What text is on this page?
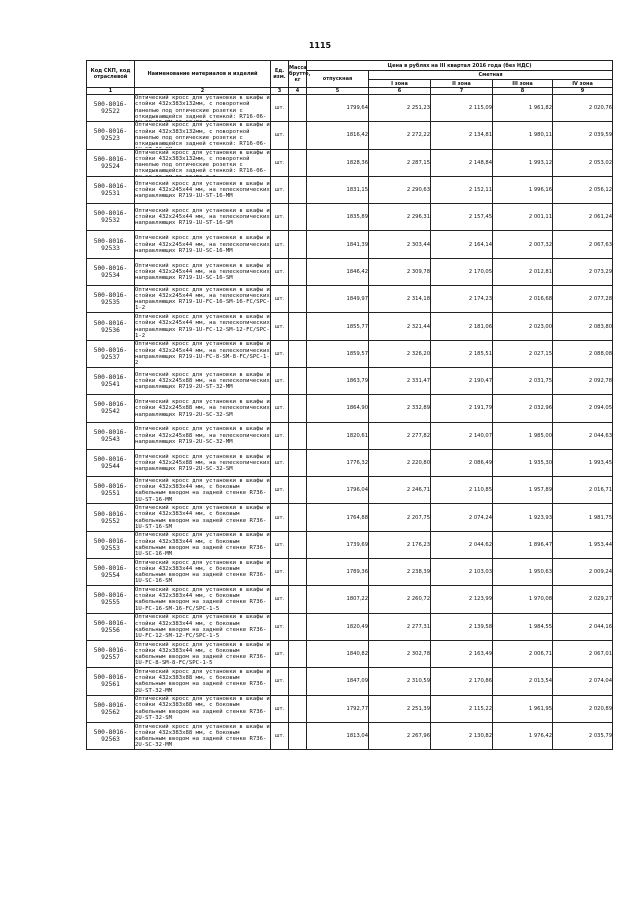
1115
Код СКП, код отраслевой	Наименование материалов и изделий	Ед. изм.	Масса брутто, кг	Цена в рублях на III квартал 2016 года (без НДС)				
				отпускная	Сметная			
					I зона	II зона	III зона	IV зона
1	2	3	4	5	6	7	8	9
500-8016-92522	Оптический кросс для установки в шкафы и стойки 432x383x132мм, с поворотной панелью под оптические розетки с откидывающейся задней стенкой: R716-06-	шт.		1799,64	2 251,23	2 115,09	1 961,82	2 020,76
500-8016-92523	Оптический кросс для установки в шкафы и стойки 432x383x132мм, с поворотной панелью под оптические розетки с откидывающейся задней стенкой: R716-06-	шт.		1816,42	2 272,22	2 134,81	1 980,11	2 039,59
500-8016-92524	Оптический кросс для установки в шкафы и стойки 432x383x132мм, с поворотной панелью под оптические розетки с откидывающейся задней стенкой: R716-06-	шт.		1828,36	2 287,15	2 148,84	1 993,12	2 053,02
500-8016-92531	Оптический кросс для установки в шкафы и стойки 432x245x44 мм, на телескопических направляющих R719-1U-ST-16-MM	шт.		1831,15	2 290,63	2 152,11	1 996,16	2 056,12
500-8016-92532	Оптический кросс для установки в шкафы и стойки 432x245x44 мм, на телескопических направляющих R719-1U-ST-16-SM	шт.		1835,89	2 296,31	2 157,45	2 001,11	2 061,24
500-8016-92533	Оптический кросс для установки в шкафы и стойки 432x245x44 мм, на телескопических направляющих R719-1U-SC-16-MM	шт.		1841,39	2 303,44	2 164,14	2 007,32	2 067,63
500-8016-92534	Оптический кросс для установки в шкафы и стойки 432x245x44 мм, на телескопических направляющих R719-1U-SC-16-SM	шт.		1846,42	2 309,78	2 170,05	2 012,81	2 073,29
500-8016-92535	Оптический кросс для установки в шкафы и стойки 432x245x44 мм, на телескопических направляющих R719-1U-FC-16-SM-16-FC/SPC-1-2	шт.		1849,97	2 314,18	2 174,23	2 016,68	2 077,28
500-8016-92536	Оптический кросс для установки в шкафы и стойки 432x245x44 мм, на телескопических направляющих R719-1U-FC-12-SM-12-FC/SPC-1-2	шт.		1855,77	2 321,44	2 181,06	2 023,00	2 083,80
500-8016-92537	Оптический кросс для установки в шкафы и стойки 432x245x44 мм, на телескопических направляющих R719-1U-FC-8-SM-8-FC/SPC-1-2	шт.		1859,57	2 326,20	2 185,51	2 027,15	2 088,08
500-8016-92541	Оптический кросс для установки в шкафы и стойки 432x245x88 мм, на телескопических направляющих R719-2U-ST-32-MM	шт.		1863,79	2 331,47	2 190,47	2 031,75	2 092,78
500-8016-92542	Оптический кросс для установки в шкафы и стойки 432x245x88 мм, на телескопических направляющих R719-2U-SC-32-SM	шт.		1864,90	2 332,89	2 191,79	2 032,96	2 094,05
500-8016-92543	Оптический кросс для установки в шкафы и стойки 432x245x88 мм, на телескопических направляющих R719-2U-SC-32-MM	шт.		1820,61	2 277,82	2 140,07	1 985,00	2 044,63
500-8016-92544	Оптический кросс для установки в шкафы и стойки 432x245x88 мм, на телескопических направляющих R719-2U-SC-32-SM	шт.		1776,32	2 220,80	2 086,49	1 935,30	1 993,45
500-8016-92551	Оптический кросс для установки в шкафы и стойки 432x383x44 мм, с боковым кабельным вводом на задней стенке R736-1U-ST-16-MM	шт.		1796,04	2 246,71	2 110,85	1 957,89	2 016,71
500-8016-92552	Оптический кросс для установки в шкафы и стойки 432x383x44 мм, с боковым кабельным вводом на задней стенке R736-1U-ST-16-SM	шт.		1764,88	2 207,75	2 074,24	1 923,93	1 981,75
500-8016-92553	Оптический кросс для установки в шкафы и стойки 432x383x44 мм, с боковым кабельным вводом на задней стенке R736-1U-SC-16-MM	шт.		1739,69	2 176,23	2 044,62	1 896,47	1 953,44
500-8016-92554	Оптический кросс для установки в шкафы и стойки 432x383x44 мм, с боковым кабельным вводом на задней стенке R736-1U-SC-16-SM	шт.		1789,36	2 238,39	2 103,03	1 950,63	2 009,24
500-8016-92555	Оптический кросс для установки в шкафы и стойки 432x383x44 мм, с боковым кабельным вводом на задней стенке R736-1U-FC-16-SM-16-FC/SPC-1-5	шт.		1807,22	2 260,72	2 123,99	1 970,08	2 029,27
500-8016-92556	Оптический кросс для установки в шкафы и стойки 432x383x44 мм, с боковым кабельным вводом на задней стенке R736-1U-FC-12-SM-12-FC/SPC-1-5	шт.		1820,49	2 277,31	2 139,58	1 984,55	2 044,16
500-8016-92557	Оптический кросс для установки в шкафы и стойки 432x383x44 мм, с боковым кабельным вводом на задней стенке R736-1U-FC-8-SM-8-FC/SPC-1-5	шт.		1840,82	2 302,78	2 163,49	2 006,71	2 067,01
500-8016-92561	Оптический кросс для установки в шкафы и стойки 432x383x88 мм, с боковым кабельным вводом на задней стенке R736-2U-ST-32-MM	шт.		1847,09	2 310,59	2 170,86	2 013,54	2 074,04
500-8016-92562	Оптический кросс для установки в шкафы и стойки 432x383x88 мм, с боковым кабельным вводом на задней стенке R736-2U-ST-32-SM	шт.		1792,77	2 251,39	2 115,22	1 961,95	2 020,89
500-8016-92563	Оптический кросс для установки в шкафы и стойки 432x383x88 мм, с боковым кабельным вводом на задней стенке R736-2U-SC-32-MM	шт.		1813,04	2 267,96	2 130,82	1 976,42	2 035,79
